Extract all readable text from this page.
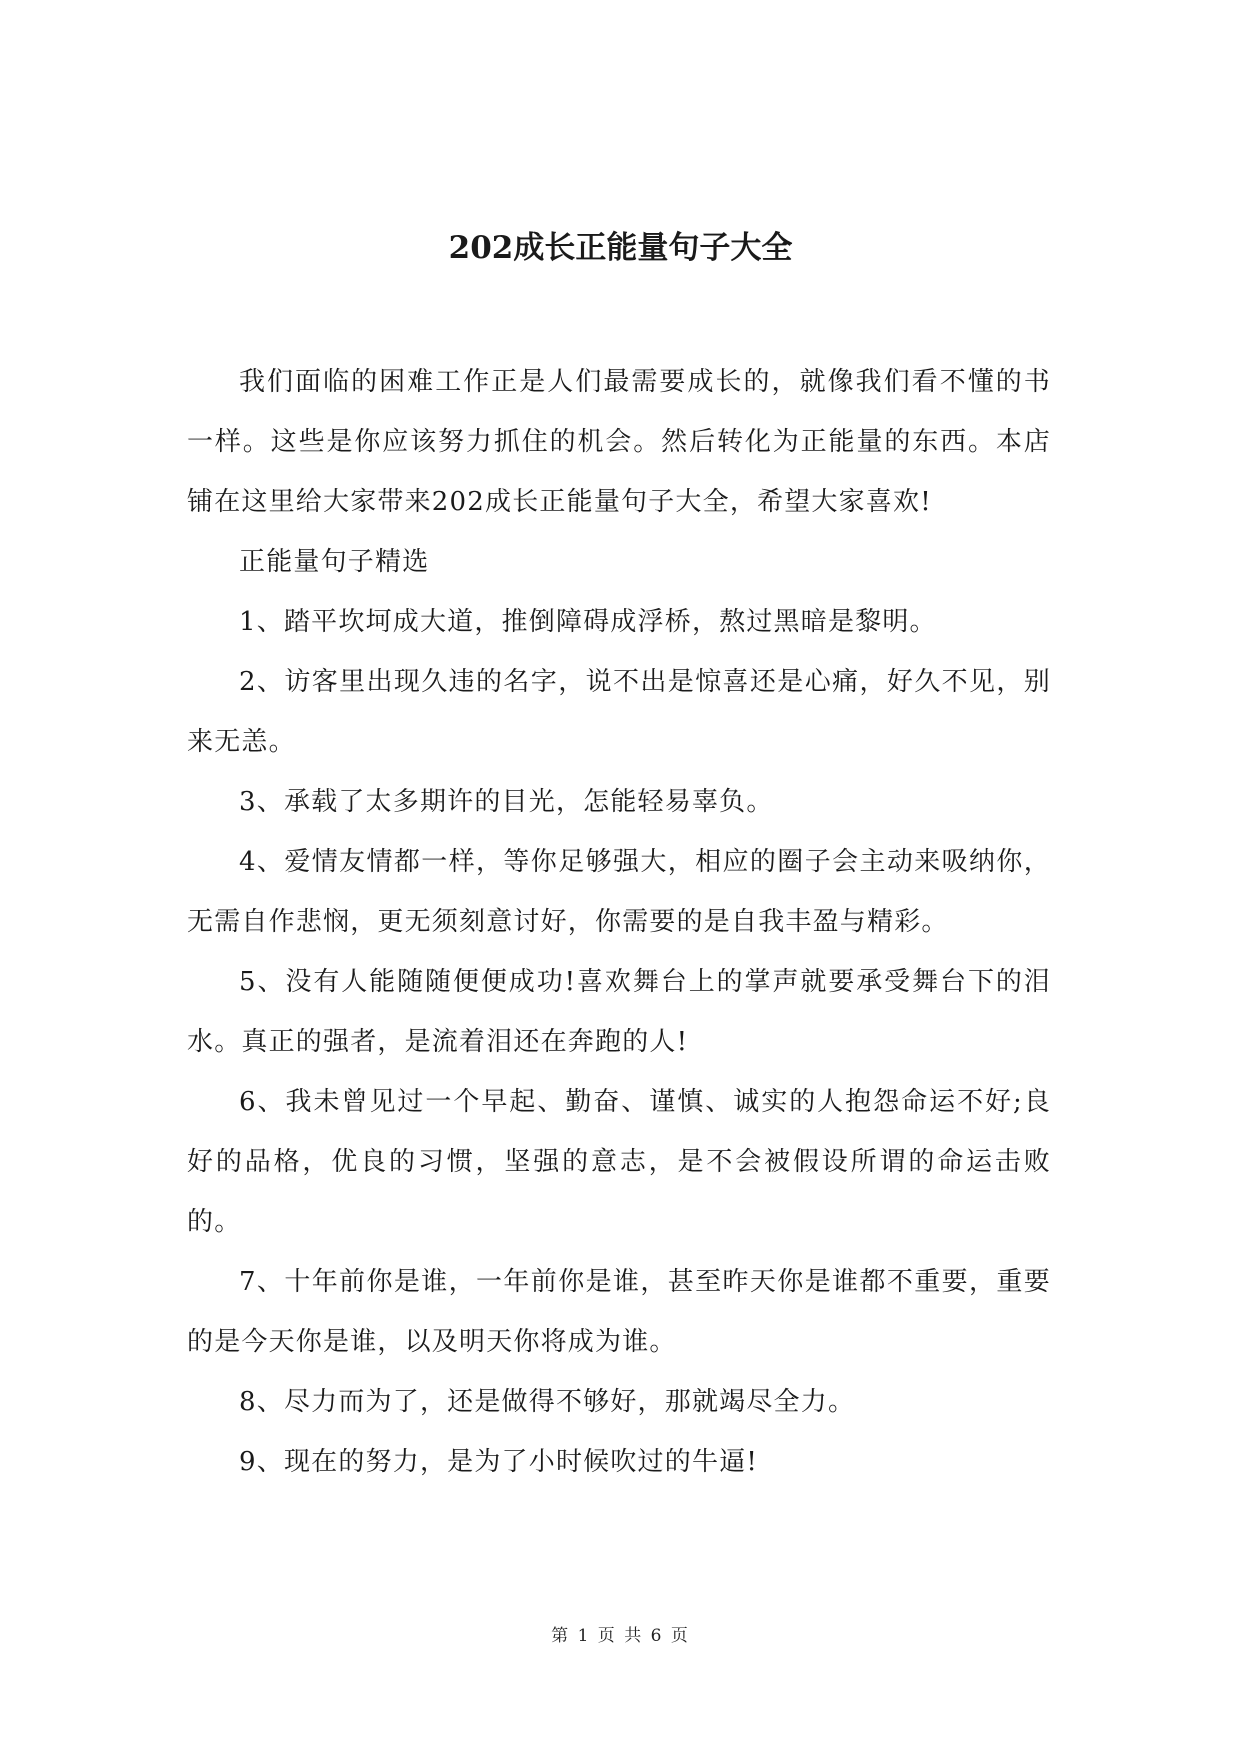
202成长正能量句子大全

我们面临的困难工作正是人们最需要成长的，就像我们看不懂的书一样。这些是你应该努力抓住的机会。然后转化为正能量的东西。本店铺在这里给大家带来202成长正能量句子大全，希望大家喜欢!

正能量句子精选

1、踏平坎坷成大道，推倒障碍成浮桥，熬过黑暗是黎明。

2、访客里出现久违的名字，说不出是惊喜还是心痛，好久不见，别来无恙。

3、承载了太多期许的目光，怎能轻易辜负。

4、爱情友情都一样，等你足够强大，相应的圈子会主动来吸纳你，无需自作悲悯，更无须刻意讨好，你需要的是自我丰盈与精彩。

5、没有人能随随便便成功!喜欢舞台上的掌声就要承受舞台下的泪水。真正的强者，是流着泪还在奔跑的人!

6、我未曾见过一个早起、勤奋、谨慎、诚实的人抱怨命运不好;良好的品格，优良的习惯，坚强的意志，是不会被假设所谓的命运击败的。

7、十年前你是谁，一年前你是谁，甚至昨天你是谁都不重要，重要的是今天你是谁，以及明天你将成为谁。

8、尽力而为了，还是做得不够好，那就竭尽全力。

9、现在的努力，是为了小时候吹过的牛逼!

第 1 页 共 6 页
